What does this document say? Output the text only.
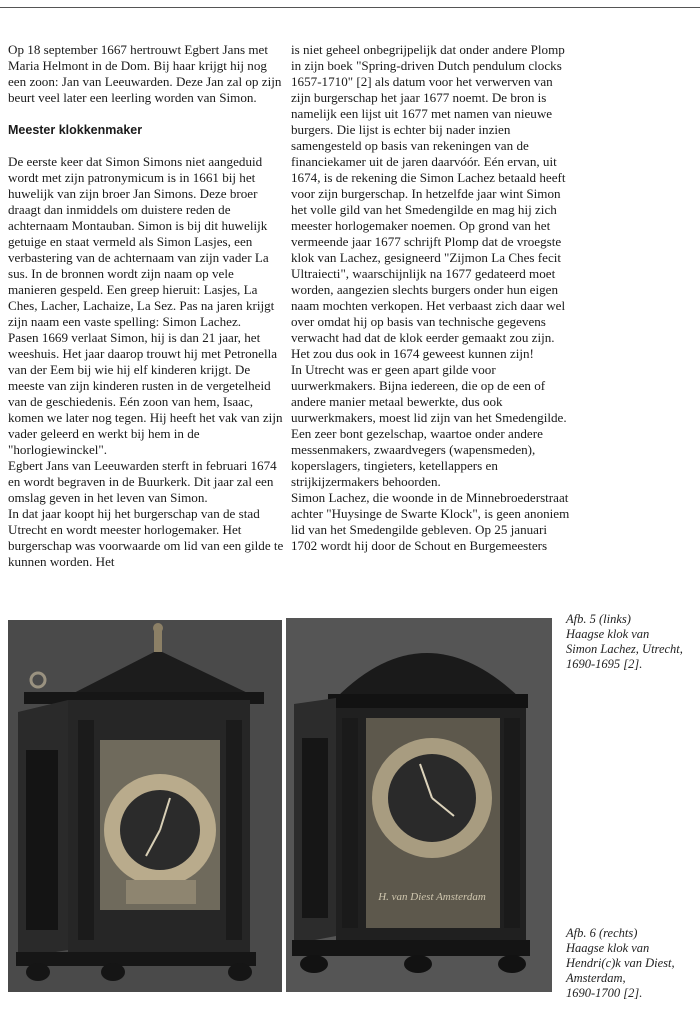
Op 18 september 1667 hertrouwt Egbert Jans met Maria Helmont in de Dom. Bij haar krijgt hij nog een zoon: Jan van Leeuwarden. Deze Jan zal op zijn beurt veel later een leerling worden van Simon.

Meester klokkenmaker

De eerste keer dat Simon Simons niet aangeduid wordt met zijn patronymicum is in 1661 bij het huwelijk van zijn broer Jan Simons. Deze broer draagt dan inmiddels om duistere reden de achternaam Montauban. Simon is bij dit huwelijk getuige en staat vermeld als Simon Lasjes, een verbastering van de achternaam van zijn vader La sus. In de bronnen wordt zijn naam op vele manieren gespeld. Een greep hieruit: Lasjes, La Ches, Lacher, Lachaize, La Sez. Pas na jaren krijgt zijn naam een vaste spelling: Simon Lachez.

Pasen 1669 verlaat Simon, hij is dan 21 jaar, het weeshuis. Het jaar daarop trouwt hij met Petronella van der Eem bij wie hij elf kinderen krijgt. De meeste van zijn kinderen rusten in de vergetelheid van de geschiedenis. Eén zoon van hem, Isaac, komen we later nog tegen. Hij heeft het vak van zijn vader geleerd en werkt bij hem in de "horlogiewinckel".

Egbert Jans van Leeuwarden sterft in februari 1674 en wordt begraven in de Buurkerk. Dit jaar zal een omslag geven in het leven van Simon.

In dat jaar koopt hij het burgerschap van de stad Utrecht en wordt meester horlogemaker. Het burgerschap was voorwaarde om lid van een gilde te kunnen worden. Het

is niet geheel onbegrijpelijk dat onder andere Plomp in zijn boek "Spring-driven Dutch pendulum clocks 1657-1710" [2] als datum voor het verwerven van zijn burgerschap het jaar 1677 noemt. De bron is namelijk een lijst uit 1677 met namen van nieuwe burgers. Die lijst is echter bij nader inzien samengesteld op basis van rekeningen van de financiekamer uit de jaren daarvóór. Eén ervan, uit 1674, is de rekening die Simon Lachez betaald heeft voor zijn burgerschap. In hetzelfde jaar wint Simon het volle gild van het Smedengilde en mag hij zich meester horlogemaker noemen. Op grond van het vermeende jaar 1677 schrijft Plomp dat de vroegste klok van Lachez, gesigneerd "Zijmon La Ches fecit Ultraiecti", waarschijnlijk na 1677 gedateerd moet worden, aangezien slechts burgers onder hun eigen naam mochten verkopen. Het verbaast zich daar wel over omdat hij op basis van technische gegevens verwacht had dat de klok eerder gemaakt zou zijn. Het zou dus ook in 1674 geweest kunnen zijn!

In Utrecht was er geen apart gilde voor uurwerkmakers. Bijna iedereen, die op de een of andere manier metaal bewerkte, dus ook uurwerkmakers, moest lid zijn van het Smedengilde. Een zeer bont gezelschap, waartoe onder andere messenmakers, zwaardvegers (wapensmeden), koperslagers, tingieters, ketellappers en strijkijzermakers behoorden.

Simon Lachez, die woonde in de Minnebroederstraat achter "Huysinge de Swarte Klock", is geen anoniem lid van het Smedengilde gebleven. Op 25 januari 1702 wordt hij door de Schout en Burgemeesters

H. van Diest Amsterdam
Afb. 5 (links)
Haagse klok van
Simon Lachez, Utrecht,
1690-1695 [2].
Afb. 6 (rechts)
Haagse klok van
Hendri(c)k van Diest,
Amsterdam,
1690-1700 [2].
